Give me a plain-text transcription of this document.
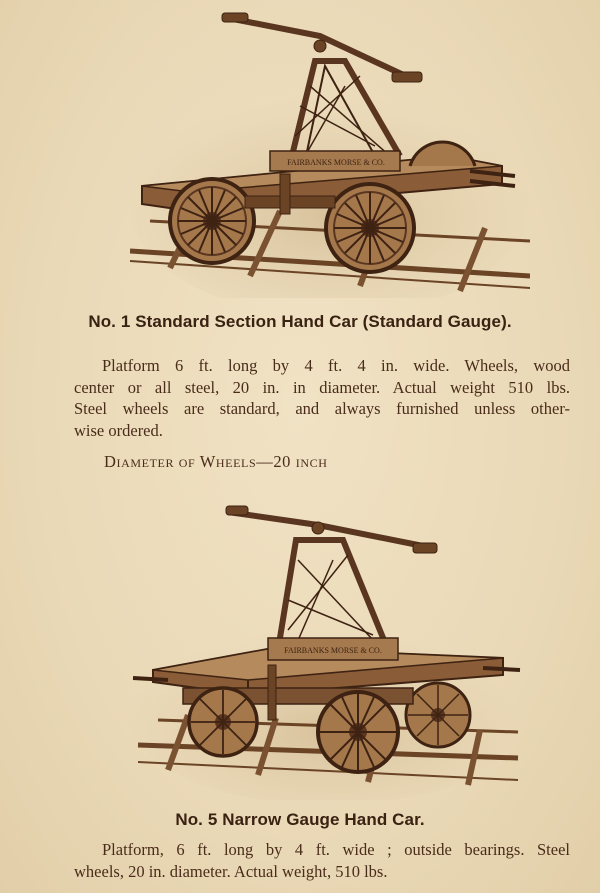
FAIRBANKS MORSE & CO.
No. 1 Standard Section Hand Car (Standard Gauge).
Platform 6 ft. long by 4 ft. 4 in. wide. Wheels, wood
center or all steel, 20 in. in diameter. Actual weight 510 lbs.
Steel wheels are standard, and always furnished unless other-
wise ordered.
Diameter of Wheels—20 inch
FAIRBANKS MORSE & CO.
No. 5 Narrow Gauge Hand Car.
Platform, 6 ft. long by 4 ft. wide ; outside bearings. Steel
wheels, 20 in. diameter. Actual weight, 510 lbs.
